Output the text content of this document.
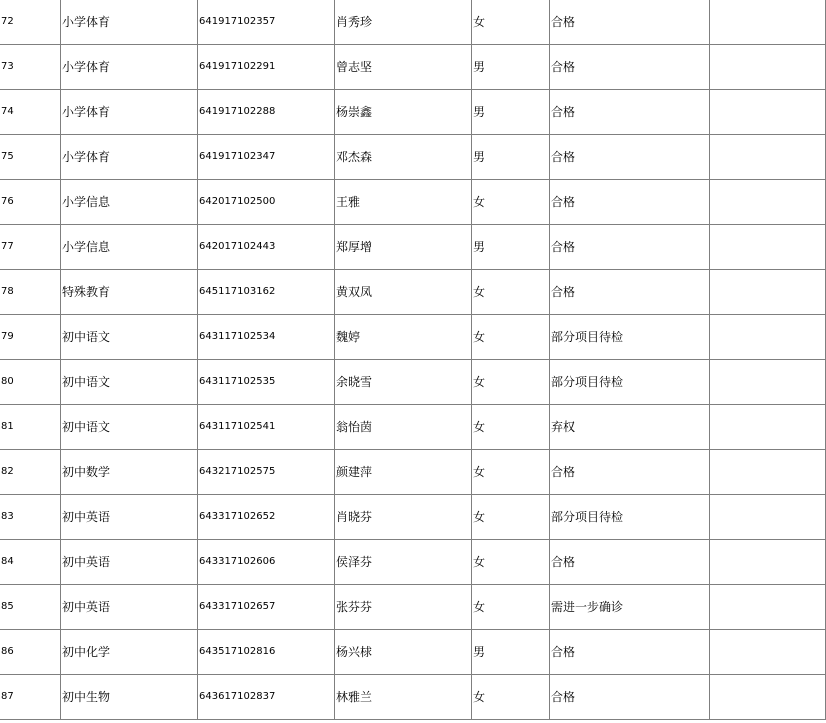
72	小学体育	641917102357	肖秀珍	女	合格	
73	小学体育	641917102291	曾志坚	男	合格	
74	小学体育	641917102288	杨崇鑫	男	合格	
75	小学体育	641917102347	邓杰森	男	合格	
76	小学信息	642017102500	王雅	女	合格	
77	小学信息	642017102443	郑厚增	男	合格	
78	特殊教育	645117103162	黄双凤	女	合格	
79	初中语文	643117102534	魏婷	女	部分项目待检	
80	初中语文	643117102535	余晓雪	女	部分项目待检	
81	初中语文	643117102541	翁怡茵	女	弃权	
82	初中数学	643217102575	颜建萍	女	合格	
83	初中英语	643317102652	肖晓芬	女	部分项目待检	
84	初中英语	643317102606	侯泽芬	女	合格	
85	初中英语	643317102657	张芬芬	女	需进一步确诊	
86	初中化学	643517102816	杨兴梂	男	合格	
87	初中生物	643617102837	林雅兰	女	合格	
